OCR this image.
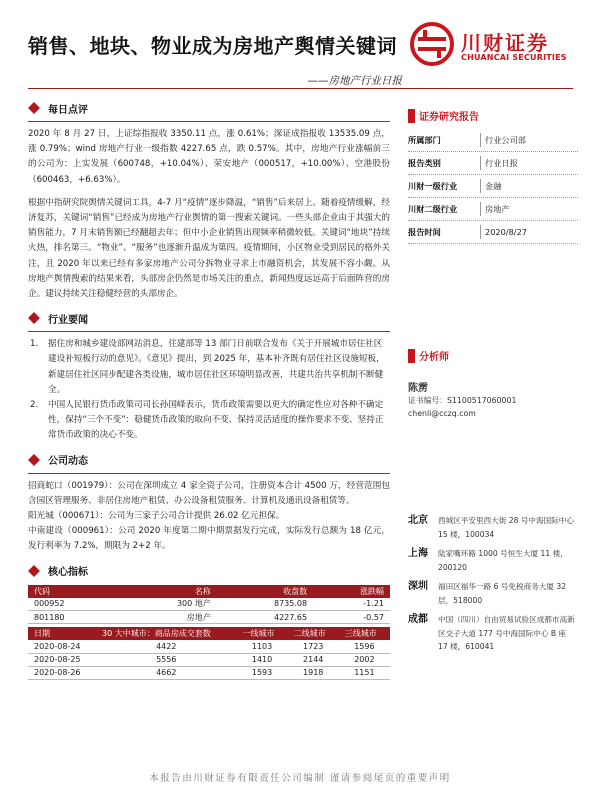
销售、地块、物业成为房地产舆情关键词
——房地产行业日报
川财证券
CHUANCAI SECURITIES
每日点评

2020 年 8 月 27 日，上证综指报收 3350.11 点，涨 0.61%；深证成指报收 13535.09 点，涨 0.79%；wind 房地产行业一级指数 4227.65 点，跌 0.57%。其中，房地产行业涨幅前三的公司为：上实发展（600748，+10.04%）、荣安地产（000517，+10.00%）、空港股份（600463，+6.63%）。

根据中指研究院舆情关键词工具，4-7 月“疫情”逐步降温，“销售”后来居上。随着疫情缓解，经济复苏，关键词“销售”已经成为房地产行业舆情的第一搜索关键词。一些头部企业由于其强大的销售能力，7 月末销售额已经翻超去年；但中小企业销售出现频率稍微较低。关键词“地块”持续火热，排名第三。“物业”、“服务”也逐渐升温成为第四。疫情期间，小区物业受到居民的格外关注，且 2020 年以来已经有多家房地产公司分拆物业寻求上市融资机会，其发展不容小觑。从房地产舆情搜索的结果来看，头部房企仍然是市场关注的重点，新闻热度远远高于后面阵营的房企。建议持续关注稳健经营的头部房企。

行业要闻
1. 据住房和城乡建设部网站消息，住建部等 13 部门日前联合发布《关于开展城市居住社区建设补短板行动的意见》。《意见》提出，到 2025 年，基本补齐既有居住社区设施短板，新建居住社区同步配建各类设施，城市居住社区环境明显改善，共建共治共享机制不断健全。
2. 中国人民银行货币政策司司长孙国峰表示，货币政策需要以更大的确定性应对各种不确定性，保持“三个不变”：稳健货币政策的取向不变、保持灵活适度的操作要求不变、坚持正常货币政策的决心不变。
公司动态

招商蛇口（001979）：公司在深圳成立 4 家全资子公司，注册资本合计 4500 万，经营范围包含园区管理服务、非居住房地产租赁、办公设备租赁服务、计算机及通讯设备租赁等。

阳光城（000671）：公司为三家子公司合计提供 26.02 亿元担保。

中南建设（000961）：公司 2020 年度第二期中期票据发行完成，实际发行总额为 18 亿元，发行利率为 7.2%，期限为 2+2 年。

核心指标
代码	名称	收盘数	涨跌幅
000952	300 地产	8735.08	-1.21
801180	房地产	4227.65	-0.57
日期	30 大中城市：商品房成交套数	一线城市	二线城市	三线城市
2020-08-24	4422	1103	1723	1596
2020-08-25	5556	1410	2144	2002
2020-08-26	4662	1593	1918	1151
证券研究报告
所属部门	行业公司部
报告类别	行业日报
川财一级行业	金融
川财二级行业	房地产
报告时间	2020/8/27
分析师
陈雳
证书编号：S1100517060001
chenli@cczq.com
北京	西城区平安里西大街 28 号中海国际中心 15 楼，100034
上海	陆家嘴环路 1000 号恒生大厦 11 楼，200120
深圳	福田区福华一路 6 号免税商务大厦 32 层，518000
成都	中国（四川）自由贸易试验区成都市高新区交子大道 177 号中海国际中心 B 座 17 楼，610041
本报告由川财证券有限责任公司编制 谨请参阅尾页的重要声明
